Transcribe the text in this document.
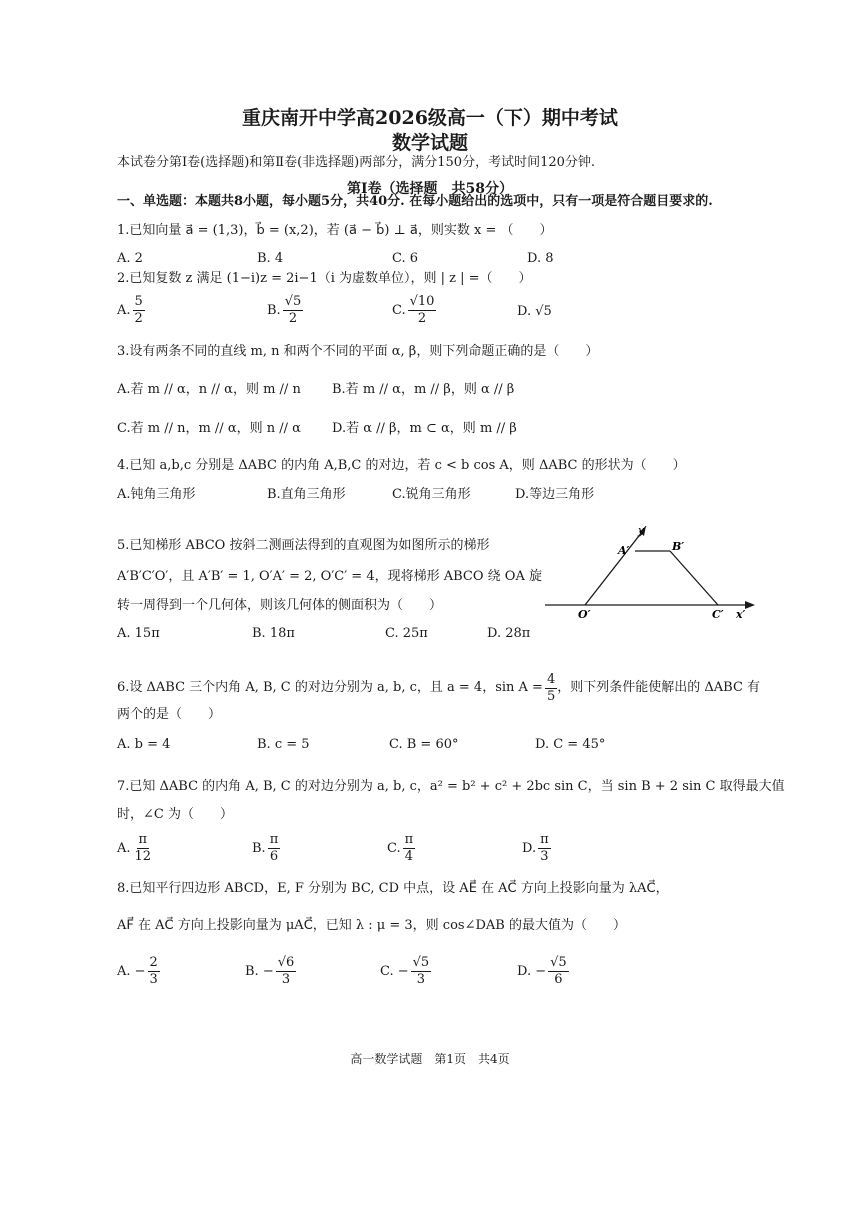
重庆南开中学高2026级高一（下）期中考试
数学试题
本试卷分第Ⅰ卷(选择题)和第Ⅱ卷(非选择题)两部分，满分150分，考试时间120分钟.
第Ⅰ卷（选择题　共58分）
一、单选题：本题共8小题，每小题5分，共40分. 在每小题给出的选项中，只有一项是符合题目要求的.
1.已知向量 a⃗ = (1,3)，b⃗ = (x,2)，若 (a⃗ − b⃗) ⊥ a⃗，则实数 x = （　　）
A. 2	B. 4	C. 6	D. 8
2.已知复数 z 满足 (1−i)z = 2i−1（i 为虚数单位），则 | z | =（　　）
A. $\frac{5}{2}$	B. $\frac{√5}{2}$	C. $\frac{√10}{2}$	D. √5
3.设有两条不同的直线 m, n 和两个不同的平面 α, β，则下列命题正确的是（　　）
A.若 m // α，n // α，则 m // n B.若 m // α，m // β，则 α // β
C.若 m // n，m // α，则 n // α D.若 α // β，m ⊂ α，则 m // β
4.已知 a,b,c 分别是 ΔABC 的内角 A,B,C 的对边，若 c < b cos A，则 ΔABC 的形状为（　　）
A.钝角三角形	B.直角三角形	C.锐角三角形	D.等边三角形
5.已知梯形 ABCO 按斜二测画法得到的直观图为如图所示的梯形
A′B′C′O′，且 A′B′ = 1, O′A′ = 2, O′C′ = 4，现将梯形 ABCO 绕 OA 旋
转一周得到一个几何体，则该几何体的侧面积为（　　）
A. 15π	B. 18π	C. 25π	D. 28π
y′
A′	B′
O′	C′ x′
6.设 ΔABC 三个内角 A, B, C 的对边分别为 a, b, c，且 a = 4，$\sin A = \frac{4}{5}$ ，则下列条件能使解出的 ΔABC 有
两个的是（　　）
A. b = 4	B. c = 5	C. B = 60°	D. C = 45°
7.已知 ΔABC 的内角 A, B, C 的对边分别为 a, b, c，a² = b² + c² + 2bc sin C，当 sin B + 2 sin C 取得最大值
时，∠C 为（　　）
A. $\frac{\pi}{12}$	B. $\frac{\pi}{6}$	C. $\frac{\pi}{4}$	D. $\frac{\pi}{3}$
8.已知平行四边形 ABCD，E, F 分别为 BC, CD 中点，设 AE⃗ 在 AC⃗ 方向上投影向量为 λAC⃗，
AF⃗ 在 AC⃗ 方向上投影向量为 μAC⃗，已知 λ : μ = 3，则 cos∠DAB 的最大值为（　　）
A. − $\frac{2}{3}$	B. − $\frac{√6}{3}$	C. − $\frac{√5}{3}$	D. − $\frac{√5}{6}$
高一数学试题　第1页　共4页
